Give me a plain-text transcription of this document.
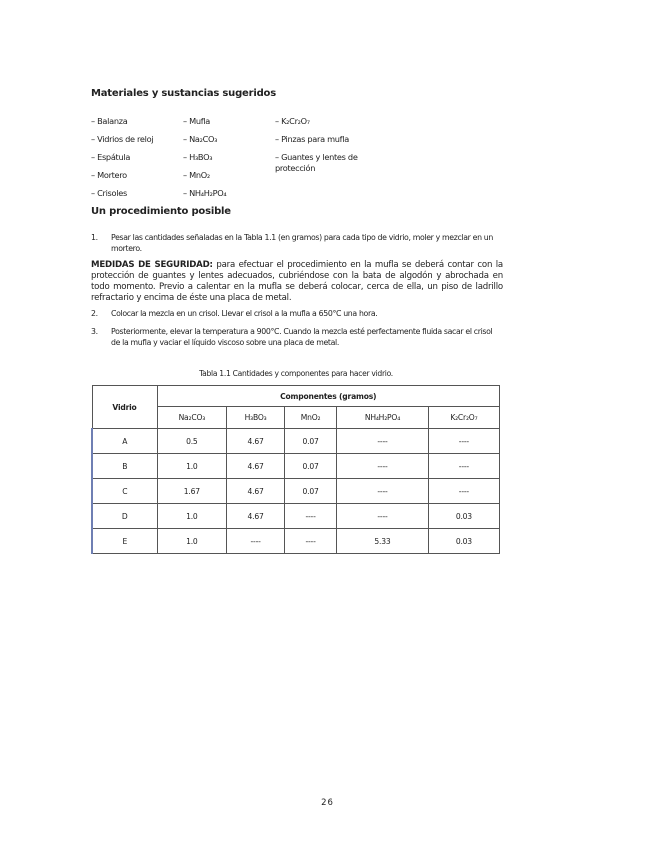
Materiales y sustancias sugeridos
– Balanza
– Vidrios de reloj
– Espátula
– Mortero
– Crisoles
– Mufla
– Na₂CO₃
– H₃BO₃
– MnO₂
– NH₄H₂PO₄
– K₂Cr₂O₇
– Pinzas para mufla
– Guantes y lentes de protección
Un procedimiento posible
1. Pesar las cantidades señaladas en la Tabla 1.1 (en gramos) para cada tipo de vidrio, moler y mezclar en un mortero.
MEDIDAS DE SEGURIDAD: para efectuar el procedimiento en la mufla se deberá contar con la protección de guantes y lentes adecuados, cubriéndose con la bata de algodón y abrochada en todo momento. Previo a calentar en la mufla se deberá colocar, cerca de ella, un piso de ladrillo refractario y encima de éste una placa de metal.
2. Colocar la mezcla en un crisol. Llevar el crisol a la mufla a 650°C una hora.
3. Posteriormente, elevar la temperatura a 900°C. Cuando la mezcla esté perfectamente fluida sacar el crisol de la mufla y vaciar el líquido viscoso sobre una placa de metal.
Tabla 1.1 Cantidades y componentes para hacer vidrio.
Vidrio	Componentes (gramos)				
	Na₂CO₃	H₃BO₃	MnO₂	NH₄H₂PO₄	K₂Cr₂O₇
A	0.5	4.67	0.07	----	----
B	1.0	4.67	0.07	----	----
C	1.67	4.67	0.07	----	----
D	1.0	4.67	----	----	0.03
E	1.0	----	----	5.33	0.03
26
